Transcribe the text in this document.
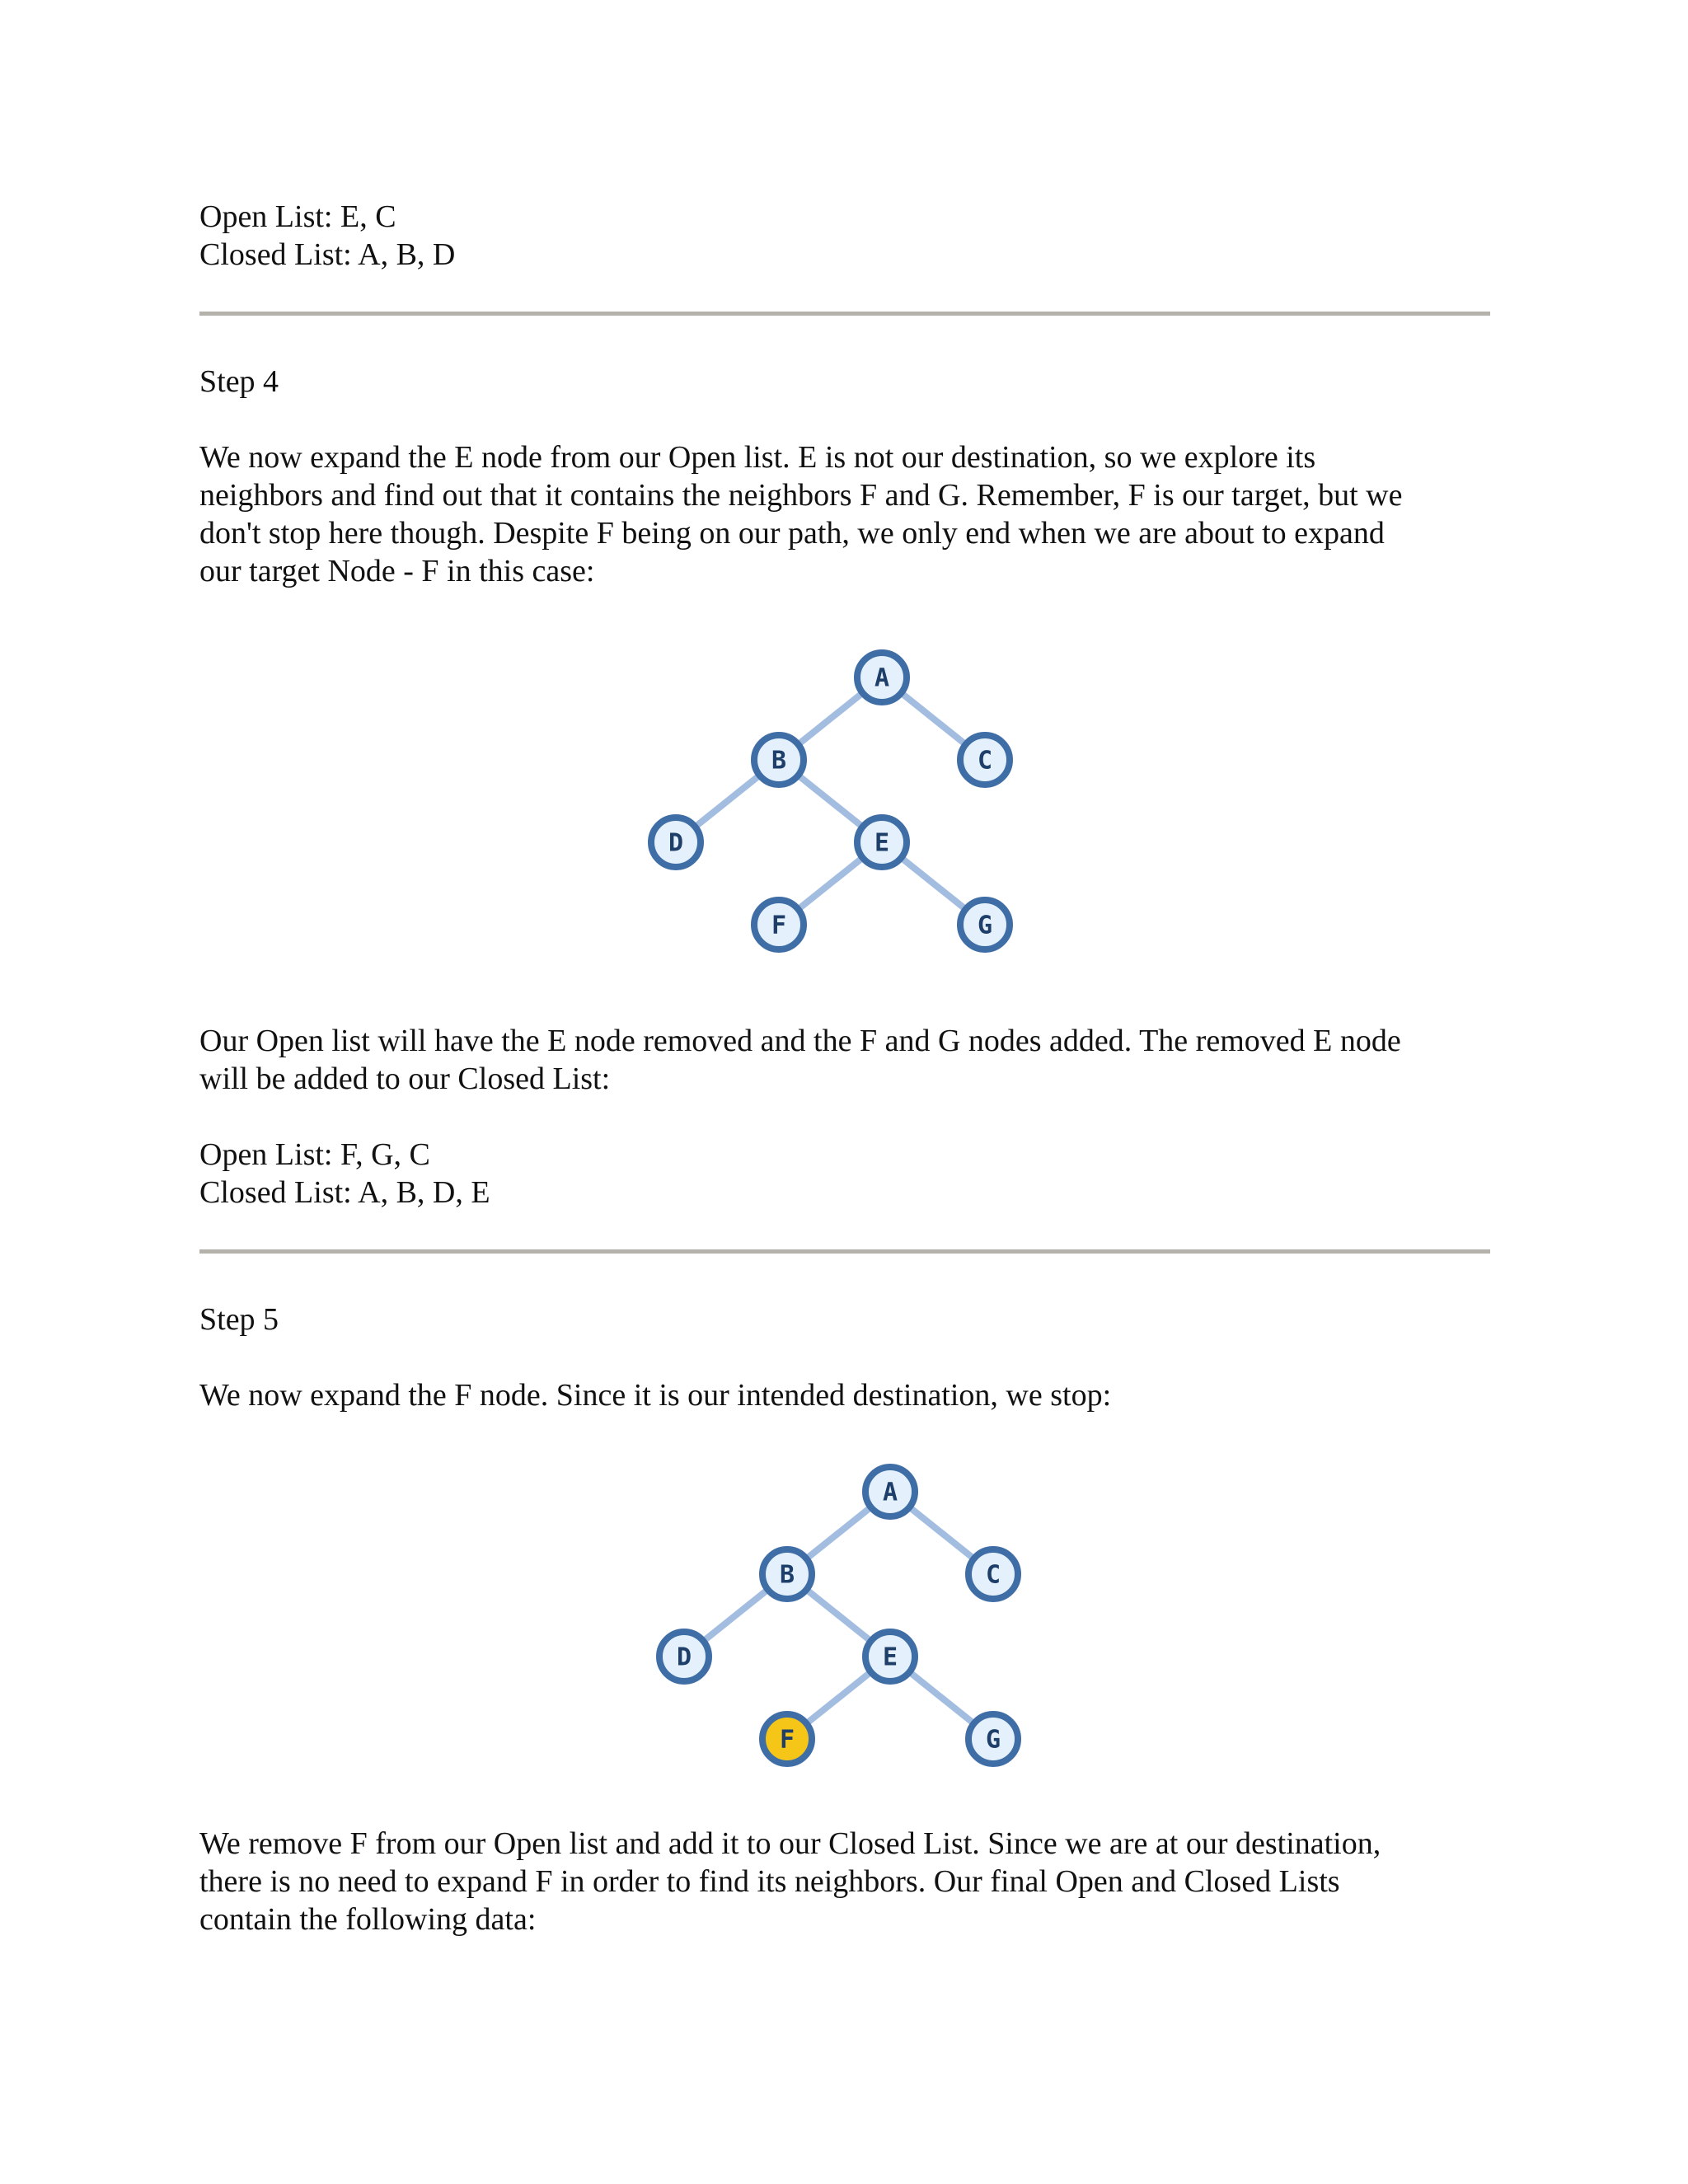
Open List: E, C
Closed List: A, B, D
Step 4
We now expand the E node from our Open list. E is not our destination, so we explore its
neighbors and find out that it contains the neighbors F and G. Remember, F is our target, but we
don't stop here though. Despite F being on our path, we only end when we are about to expand
our target Node - F in this case:
A
B	C
D	E
F	G
Our Open list will have the E node removed and the F and G nodes added. The removed E node
will be added to our Closed List:
Open List: F, G, C
Closed List: A, B, D, E
Step 5
We now expand the F node. Since it is our intended destination, we stop:
A
B	C
D	E
F	G
We remove F from our Open list and add it to our Closed List. Since we are at our destination,
there is no need to expand F in order to find its neighbors. Our final Open and Closed Lists
contain the following data:
